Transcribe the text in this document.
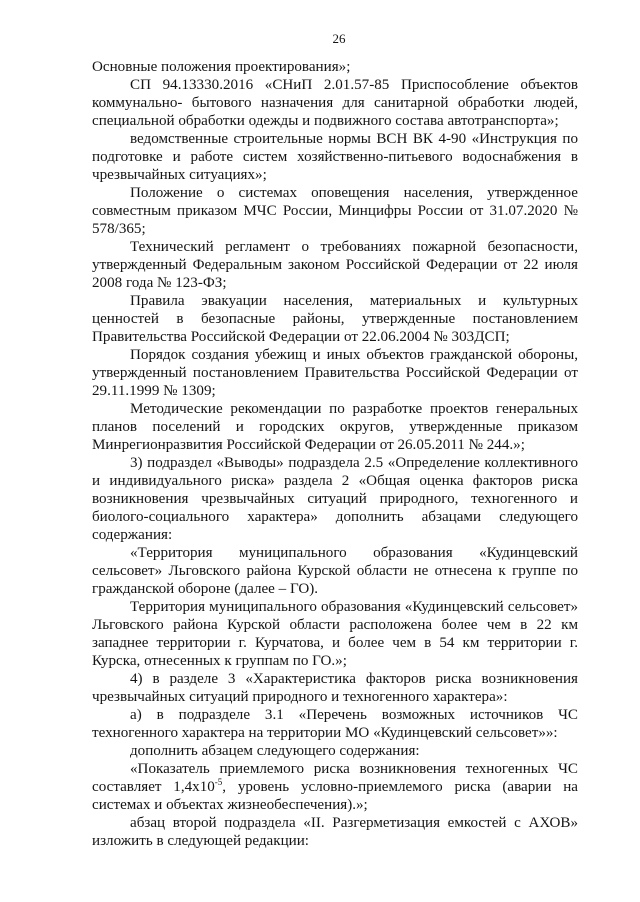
26

Основные положения проектирования»;

СП 94.13330.2016 «СНиП 2.01.57-85 Приспособление объектов коммунально- бытового назначения для санитарной обработки людей, специальной обработки одежды и подвижного состава автотранспорта»;

ведомственные строительные нормы ВСН ВК 4-90 «Инструкция по подготовке и работе систем хозяйственно-питьевого водоснабжения в чрезвычайных ситуациях»;

Положение о системах оповещения населения, утвержденное совместным приказом МЧС России, Минцифры России от 31.07.2020 № 578/365;

Технический регламент о требованиях пожарной безопасности, утвержденный Федеральным законом Российской Федерации от 22 июля 2008 года № 123-ФЗ;

Правила эвакуации населения, материальных и культурных ценностей в безопасные районы, утвержденные постановлением Правительства Российской Федерации от 22.06.2004 № 303ДСП;

Порядок создания убежищ и иных объектов гражданской обороны, утвержденный постановлением Правительства Российской Федерации от 29.11.1999 № 1309;

Методические рекомендации по разработке проектов генеральных планов поселений и городских округов, утвержденные приказом Минрегионразвития Российской Федерации от 26.05.2011 № 244.»;

3) подраздел «Выводы» подраздела 2.5 «Определение коллективного и индивидуального риска» раздела 2 «Общая оценка факторов риска возникновения чрезвычайных ситуаций природного, техногенного и биолого-социального характера» дополнить абзацами следующего содержания:

«Территория муниципального образования «Кудинцевский сельсовет» Льговского района Курской области не отнесена к группе по гражданской обороне (далее – ГО).

Территория муниципального образования «Кудинцевский сельсовет» Льговского района Курской области расположена более чем в 22 км западнее территории г. Курчатова, и более чем в 54 км территории г. Курска, отнесенных к группам по ГО.»;

4) в разделе 3 «Характеристика факторов риска возникновения чрезвычайных ситуаций природного и техногенного характера»:

а) в подразделе 3.1 «Перечень возможных источников ЧС техногенного характера на территории МО «Кудинцевский сельсовет»»:

дополнить абзацем следующего содержания:

«Показатель приемлемого риска возникновения техногенных ЧС составляет $1,4x10^{-5}$, уровень условно-приемлемого риска (аварии на системах и объектах жизнеобеспечения).»;

абзац второй подраздела «II. Разгерметизация емкостей с АХОВ» изложить в следующей редакции:
